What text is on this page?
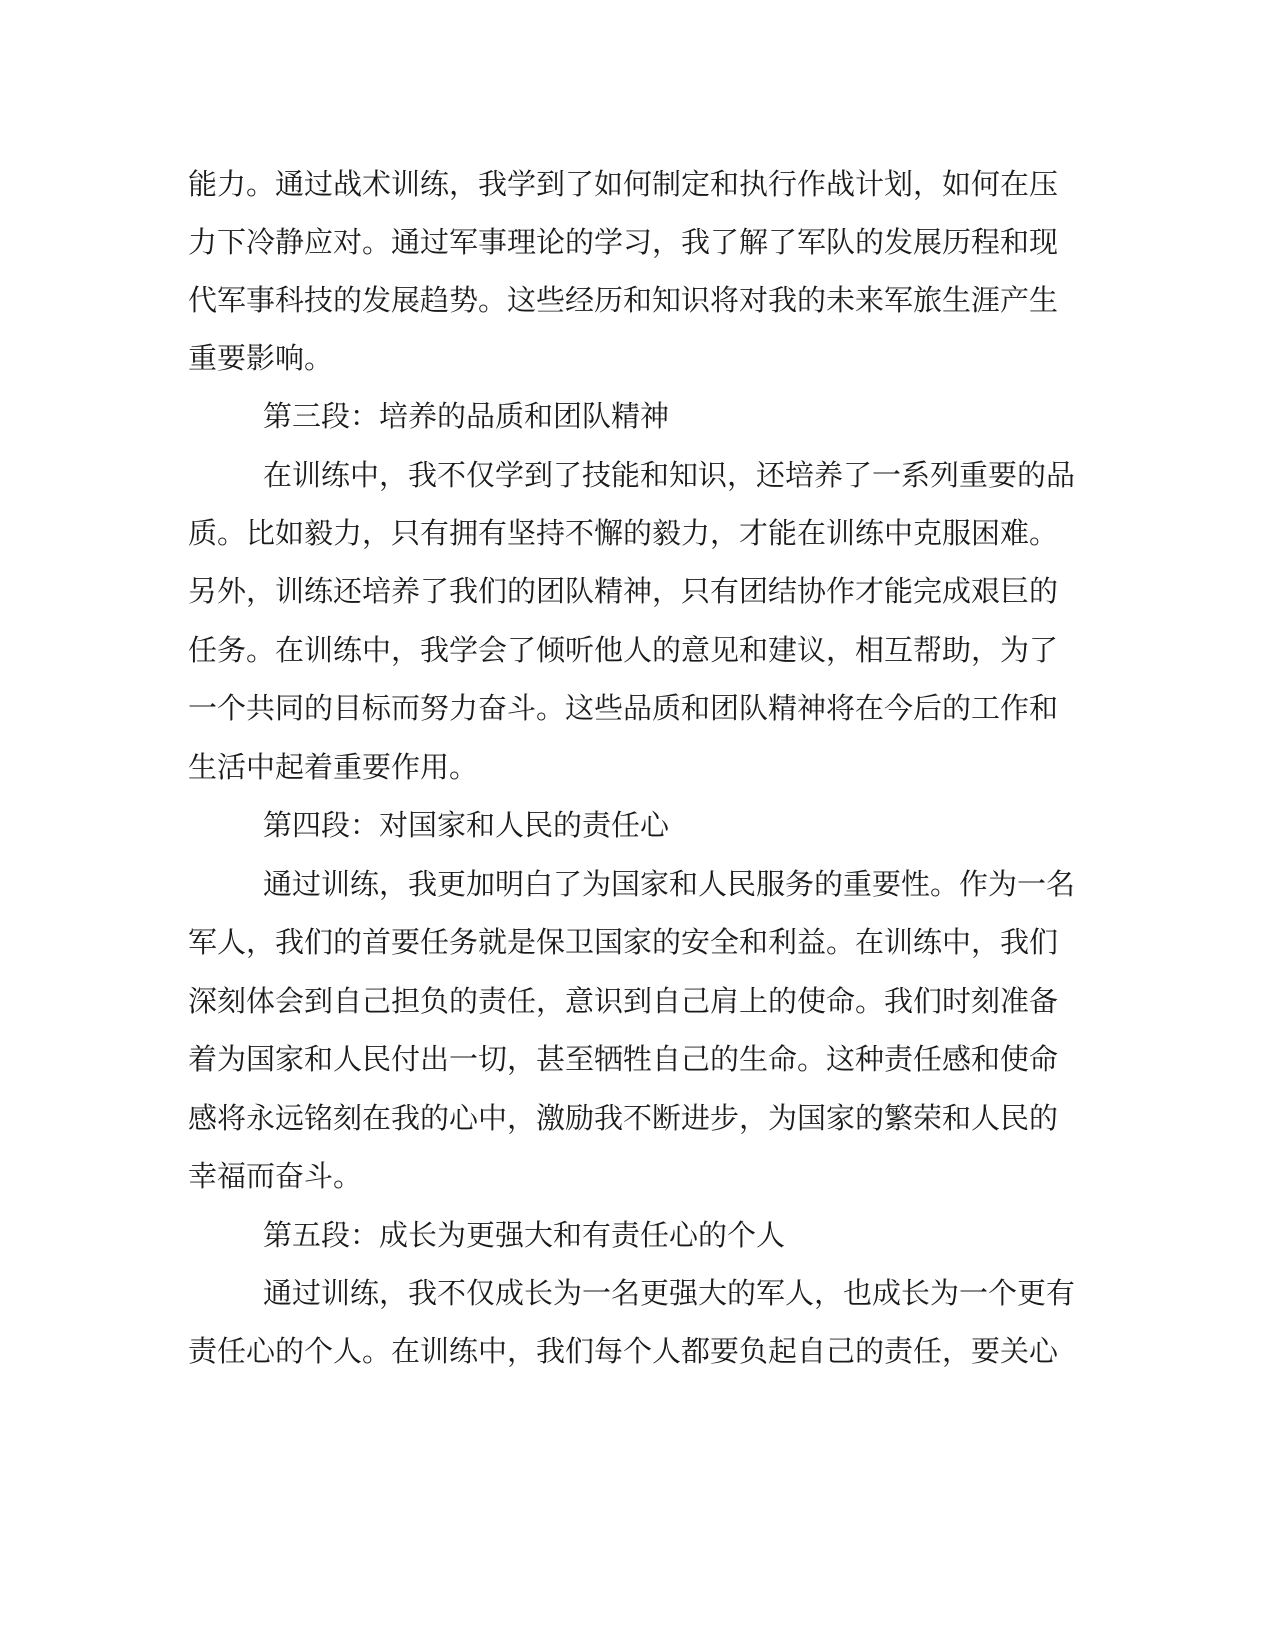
能力。通过战术训练，我学到了如何制定和执行作战计划，如何在压

力下冷静应对。通过军事理论的学习，我了解了军队的发展历程和现

代军事科技的发展趋势。这些经历和知识将对我的未来军旅生涯产生

重要影响。

第三段：培养的品质和团队精神

在训练中，我不仅学到了技能和知识，还培养了一系列重要的品

质。比如毅力，只有拥有坚持不懈的毅力，才能在训练中克服困难。

另外，训练还培养了我们的团队精神，只有团结协作才能完成艰巨的

任务。在训练中，我学会了倾听他人的意见和建议，相互帮助，为了

一个共同的目标而努力奋斗。这些品质和团队精神将在今后的工作和

生活中起着重要作用。

第四段：对国家和人民的责任心

通过训练，我更加明白了为国家和人民服务的重要性。作为一名

军人，我们的首要任务就是保卫国家的安全和利益。在训练中，我们

深刻体会到自己担负的责任，意识到自己肩上的使命。我们时刻准备

着为国家和人民付出一切，甚至牺牲自己的生命。这种责任感和使命

感将永远铭刻在我的心中，激励我不断进步，为国家的繁荣和人民的

幸福而奋斗。

第五段：成长为更强大和有责任心的个人

通过训练，我不仅成长为一名更强大的军人，也成长为一个更有

责任心的个人。在训练中，我们每个人都要负起自己的责任，要关心
